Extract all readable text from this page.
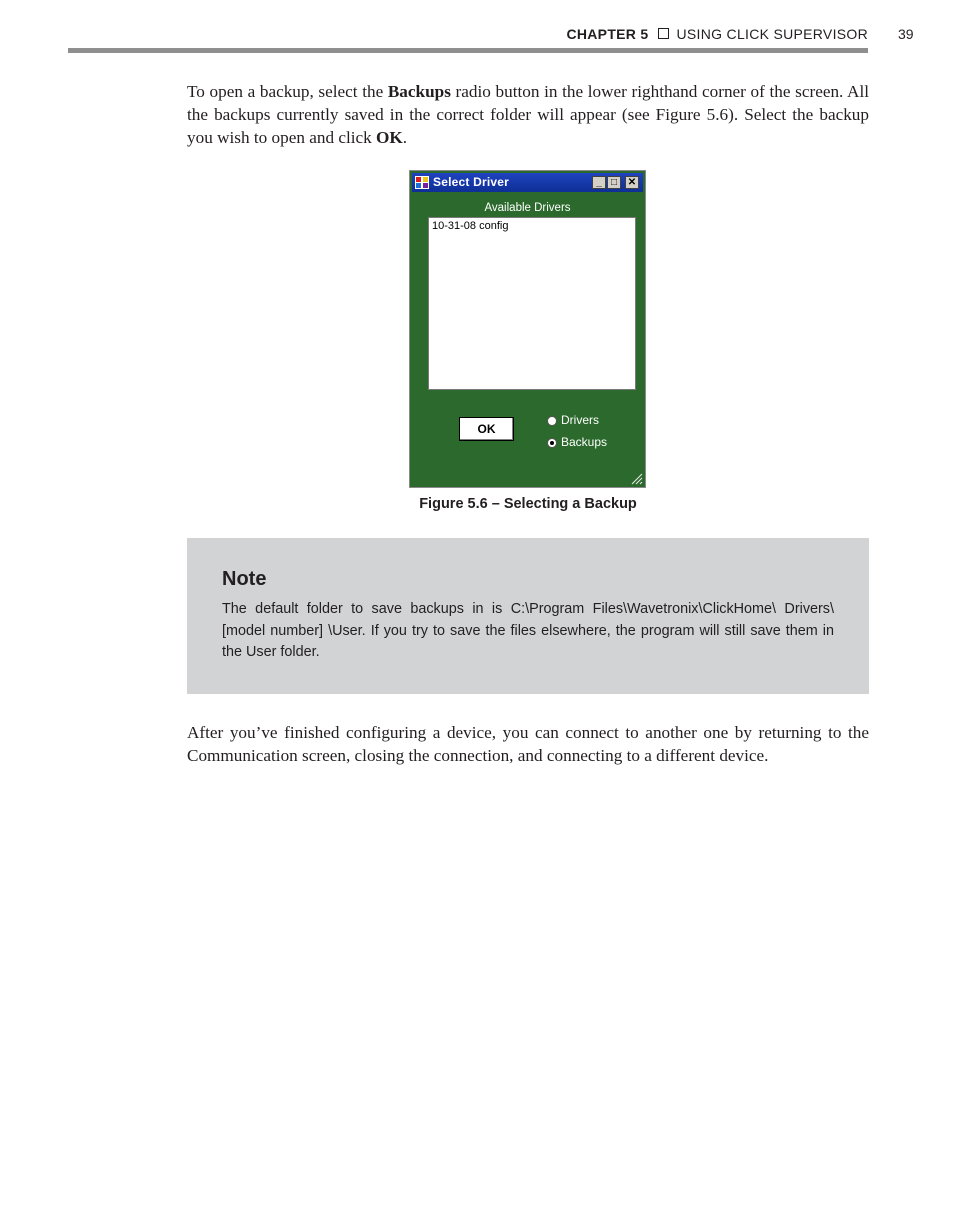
CHAPTER 5 USING CLICK SUPERVISOR 39

To open a backup, select the Backups radio button in the lower righthand corner of the screen. All the backups currently saved in the correct folder will appear (see Figure 5.6). Select the backup you wish to open and click OK.

Select Driver	_ □	✕
Available Drivers
10-31-08 config
OK
Drivers
Backups
Figure 5.6 – Selecting a Backup
Note

The default folder to save backups in is C:\Program Files\Wavetronix\ClickHome\ Drivers\ [model number] \User. If you try to save the files elsewhere, the program will still save them in the User folder.

After you’ve finished configuring a device, you can connect to another one by returning to the Communication screen, closing the connection, and connecting to a different device.
